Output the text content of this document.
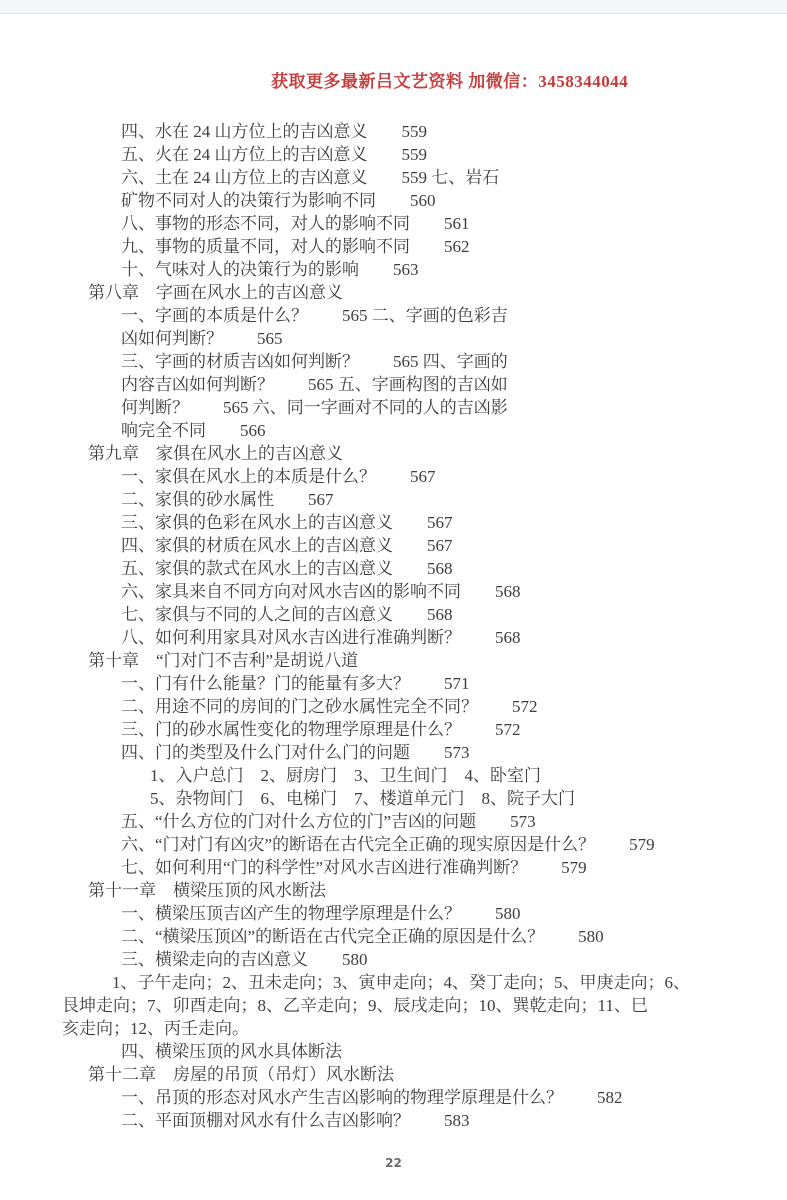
获取更多最新吕文艺资料 加微信：3458344044
四、水在 24 山方位上的吉凶意义　　559
五、火在 24 山方位上的吉凶意义　　559
六、土在 24 山方位上的吉凶意义　　559 七、岩石
矿物不同对人的决策行为影响不同　　560
八、事物的形态不同，对人的影响不同　　561
九、事物的质量不同，对人的影响不同　　562
十、气味对人的决策行为的影响　　563
第八章　字画在风水上的吉凶意义
一、字画的本质是什么？　　565 二、字画的色彩吉
凶如何判断？　　565
三、字画的材质吉凶如何判断？　　565 四、字画的
内容吉凶如何判断？　　565 五、字画构图的吉凶如
何判断？　　565 六、同一字画对不同的人的吉凶影
响完全不同　　566
第九章　家俱在风水上的吉凶意义
一、家俱在风水上的本质是什么？　　567
二、家俱的砂水属性　　567
三、家俱的色彩在风水上的吉凶意义　　567
四、家俱的材质在风水上的吉凶意义　　567
五、家俱的款式在风水上的吉凶意义　　568
六、家具来自不同方向对风水吉凶的影响不同　　568
七、家俱与不同的人之间的吉凶意义　　568
八、如何利用家具对风水吉凶进行准确判断？　　568
第十章　“门对门不吉利”是胡说八道
一、门有什么能量？门的能量有多大？　　571
二、用途不同的房间的门之砂水属性完全不同？　　572
三、门的砂水属性变化的物理学原理是什么？　　572
四、门的类型及什么门对什么门的问题　　573
1、入户总门　2、厨房门　3、卫生间门　4、卧室门
5、杂物间门　6、电梯门　7、楼道单元门　8、院子大门
五、“什么方位的门对什么方位的门”吉凶的问题　　573
六、“门对门有凶灾”的断语在古代完全正确的现实原因是什么？　　579
七、如何利用“门的科学性”对风水吉凶进行准确判断？　　579
第十一章　横梁压顶的风水断法
一、横梁压顶吉凶产生的物理学原理是什么？　　580
二、“横梁压顶凶”的断语在古代完全正确的原因是什么？　　580
三、横梁走向的吉凶意义　　580
1、子午走向；2、丑未走向；3、寅申走向；4、癸丁走向；5、甲庚走向；6、
艮坤走向；7、卯酉走向；8、乙辛走向；9、辰戌走向；10、巽乾走向；11、巳
亥走向；12、丙壬走向。
四、横梁压顶的风水具体断法
第十二章　房屋的吊顶（吊灯）风水断法
一、吊顶的形态对风水产生吉凶影响的物理学原理是什么？　　582
二、平面顶棚对风水有什么吉凶影响？　　583
22
